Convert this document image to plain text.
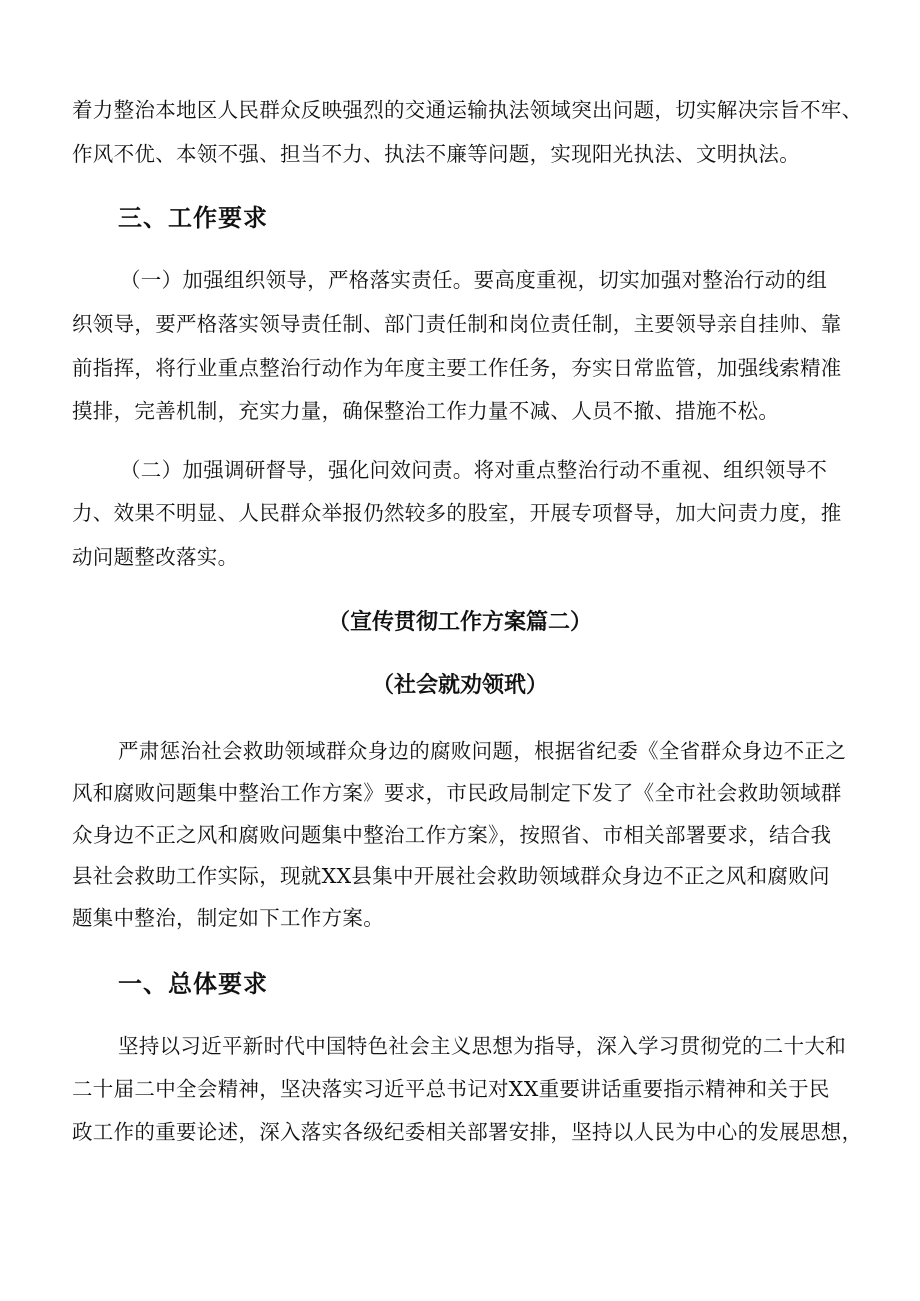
着力整治本地区人民群众反映强烈的交通运输执法领域突出问题，切实解决宗旨不牢、

作风不优、本领不强、担当不力、执法不廉等问题，实现阳光执法、文明执法。

三、工作要求

（一）加强组织领导，严格落实责任。要高度重视，切实加强对整治行动的组

织领导，要严格落实领导责任制、部门责任制和岗位责任制，主要领导亲自挂帅、靠

前指挥，将行业重点整治行动作为年度主要工作任务，夯实日常监管，加强线索精准

摸排，完善机制，充实力量，确保整治工作力量不减、人员不撤、措施不松。

（二）加强调研督导，强化问效问责。将对重点整治行动不重视、组织领导不

力、效果不明显、人民群众举报仍然较多的股室，开展专项督导，加大问责力度，推

动问题整改落实。

（宣传贯彻工作方案篇二）
（社会就劝领玳）

严肃惩治社会救助领域群众身边的腐败问题，根据省纪委《全省群众身边不正之

风和腐败问题集中整治工作方案》要求，市民政局制定下发了《全市社会救助领域群

众身边不正之风和腐败问题集中整治工作方案》，按照省、市相关部署要求，结合我

县社会救助工作实际，现就XX县集中开展社会救助领域群众身边不正之风和腐败问

题集中整治，制定如下工作方案。

一、总体要求

坚持以习近平新时代中国特色社会主义思想为指导，深入学习贯彻党的二十大和

二十届二中全会精神，坚决落实习近平总书记对XX重要讲话重要指示精神和关于民

政工作的重要论述，深入落实各级纪委相关部署安排，坚持以人民为中心的发展思想，
